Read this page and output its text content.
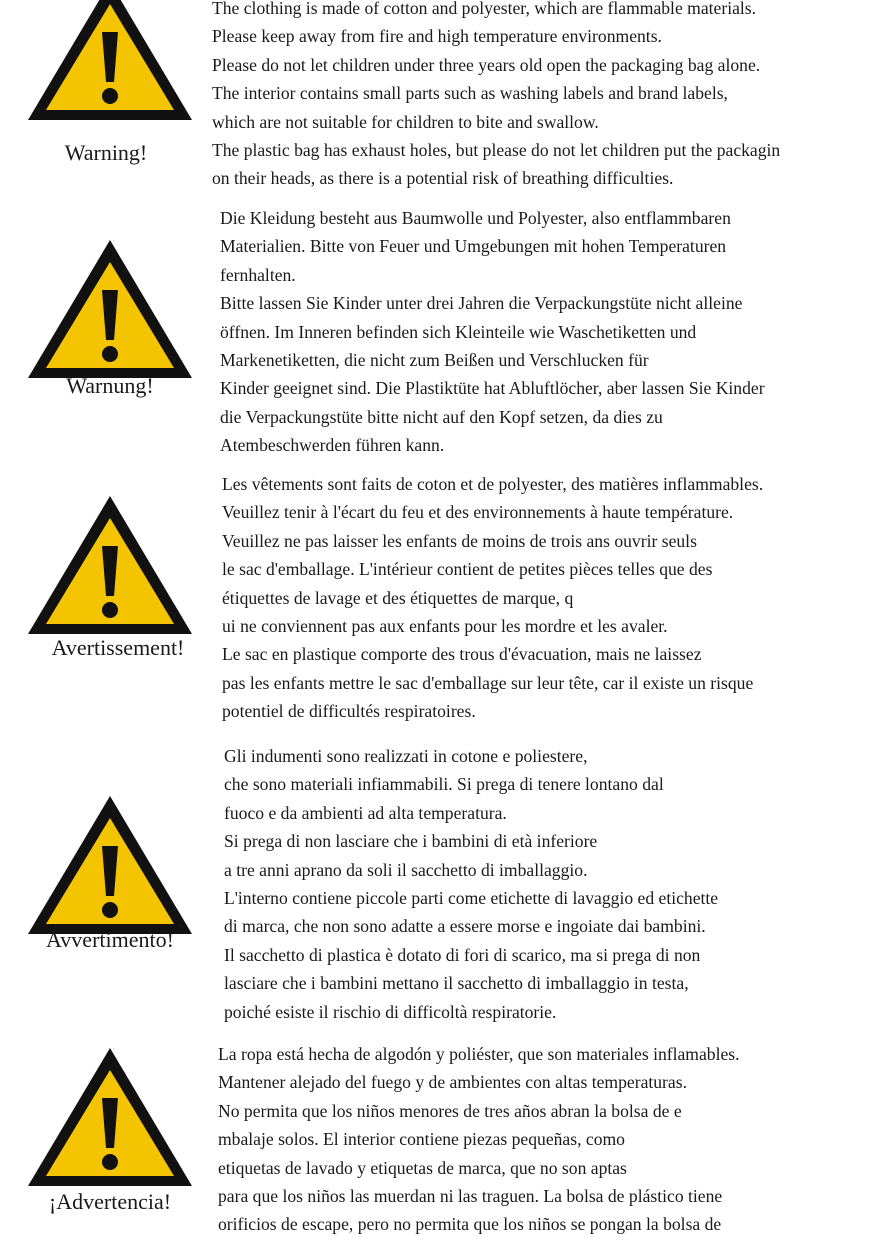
Warning!
The clothing is made of cotton and polyester, which are flammable materials.
Please keep away from fire and high temperature environments.
Please do not let children under three years old open the packaging bag alone.
The interior contains small parts such as washing labels and brand labels,
which are not suitable for children to bite and swallow.
The plastic bag has exhaust holes, but please do not let children put the packagin
on their heads, as there is a potential risk of breathing difficulties.
Warnung!
Die Kleidung besteht aus Baumwolle und Polyester, also entflammbaren
Materialien. Bitte von Feuer und Umgebungen mit hohen Temperaturen
fernhalten.
Bitte lassen Sie Kinder unter drei Jahren die Verpackungstüte nicht alleine
öffnen. Im Inneren befinden sich Kleinteile wie Waschetiketten und
Markenetiketten, die nicht zum Beißen und Verschlucken für
Kinder geeignet sind. Die Plastiktüte hat Abluftlöcher, aber lassen Sie Kinder
die Verpackungstüte bitte nicht auf den Kopf setzen, da dies zu
Atembeschwerden führen kann.
Avertissement!
Les vêtements sont faits de coton et de polyester, des matières inflammables.
Veuillez tenir à l'écart du feu et des environnements à haute température.
Veuillez ne pas laisser les enfants de moins de trois ans ouvrir seuls
le sac d'emballage. L'intérieur contient de petites pièces telles que des
étiquettes de lavage et des étiquettes de marque, q
ui ne conviennent pas aux enfants pour les mordre et les avaler.
Le sac en plastique comporte des trous d'évacuation, mais ne laissez
pas les enfants mettre le sac d'emballage sur leur tête, car il existe un risque
potentiel de difficultés respiratoires.
Avvertimento!
Gli indumenti sono realizzati in cotone e poliestere,
che sono materiali infiammabili. Si prega di tenere lontano dal
fuoco e da ambienti ad alta temperatura.
Si prega di non lasciare che i bambini di età inferiore
a tre anni aprano da soli il sacchetto di imballaggio.
L'interno contiene piccole parti come etichette di lavaggio ed etichette
di marca, che non sono adatte a essere morse e ingoiate dai bambini.
Il sacchetto di plastica è dotato di fori di scarico, ma si prega di non
lasciare che i bambini mettano il sacchetto di imballaggio in testa,
poiché esiste il rischio di difficoltà respiratorie.
¡Advertencia!
La ropa está hecha de algodón y poliéster, que son materiales inflamables.
Mantener alejado del fuego y de ambientes con altas temperaturas.
No permita que los niños menores de tres años abran la bolsa de e
mbalaje solos. El interior contiene piezas pequeñas, como
etiquetas de lavado y etiquetas de marca, que no son aptas
para que los niños las muerdan ni las traguen. La bolsa de plástico tiene
orificios de escape, pero no permita que los niños se pongan la bolsa de
